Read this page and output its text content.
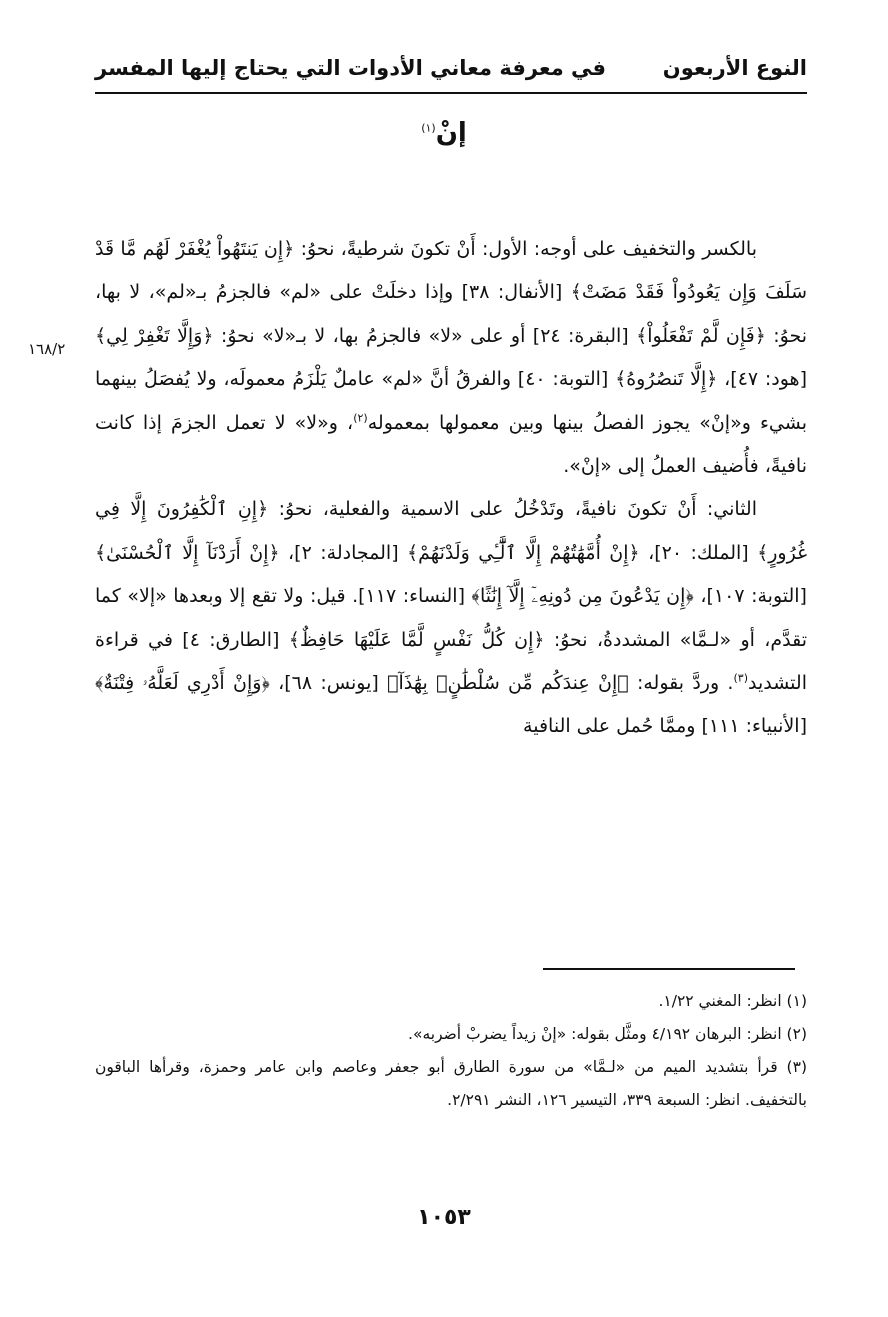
النوع الأربعون
في معرفة معاني الأدوات التي يحتاج إليها المفسر
إنْ$^{(١)}$
١٦٨/٢

بالكسر والتخفيف على أوجه: الأول: أَنْ تكونَ شرطيةً، نحوُ: ﴿إِن يَنتَهُواْ يُغْفَرْ لَهُم مَّا قَدْ سَلَفَ وَإِن يَعُودُواْ فَقَدْ مَضَتْ﴾ [الأنفال: ٣٨] وإذا دخلَتْ على «لم» فالجزمُ بـ«لم»، لا بها، نحوُ: ﴿فَإِن لَّمْ تَفْعَلُواْ﴾ [البقرة: ٢٤] أو على «لا» فالجزمُ بها، لا بـ«لا» نحوُ: ﴿وَإِلَّا تَغْفِرْ لِي﴾ [هود: ٤٧]، ﴿إِلَّا تَنصُرُوهُ﴾ [التوبة: ٤٠] والفرقُ أنَّ «لم» عاملٌ يَلْزَمُ معمولَه، ولا يُفصَلُ بينهما بشيء و«إنْ» يجوز الفصلُ بينها وبين معمولها بمعموله$^{(٢)}$، و«لا» لا تعمل الجزمَ إذا كانت نافيةً، فأُضيف العملُ إلى «إنْ».

الثاني: أَنْ تكونَ نافيةً، وتَدْخُلُ على الاسمية والفعلية، نحوُ: ﴿إِنِ ٱلْكَٰفِرُونَ إِلَّا فِي غُرُورٍ﴾ [الملك: ٢٠]، ﴿إِنْ أُمَّهَٰتُهُمْ إِلَّا ٱلَّٰٓـِٔي وَلَدْنَهُمْ﴾ [المجادلة: ٢]، ﴿إِنْ أَرَدْنَآ إِلَّا ٱلْحُسْنَىٰ﴾ [التوبة: ١٠٧]، ﴿إِن يَدْعُونَ مِن دُونِهِۦٓ إِلَّآ إِنَٰثًا﴾ [النساء: ١١٧]. قيل: ولا تقع إلا وبعدها «إلا» كما تقدَّم، أو «لـمَّا» المشددةُ، نحوُ: ﴿إِن كُلُّ نَفْسٍ لَّمَّا عَلَيْهَا حَافِظٌ﴾ [الطارق: ٤] في قراءة التشديد$^{(٣)}$. وردَّ بقوله: ﴿إِنْ عِندَكُم مِّن سُلْطَٰنٍۭ بِهَٰذَآ﴾ [يونس: ٦٨]، ﴿وَإِنْ أَدْرِي لَعَلَّهُۥ فِتْنَةٌ﴾ [الأنبياء: ١١١] وممَّا حُمل على النافية

(١) انظر: المغني ١/٢٢.

(٢) انظر: البرهان ٤/١٩٢ ومثَّل بقوله: «إنْ زيداً يضربْ أضربه».

(٣) قرأ بتشديد الميم من «لـمَّا» من سورة الطارق أبو جعفر وعاصم وابن عامر وحمزة، وقرأها الباقون بالتخفيف. انظر: السبعة ٣٣٩، التيسير ١٢٦، النشر ٢/٢٩١.

١٠٥٣
